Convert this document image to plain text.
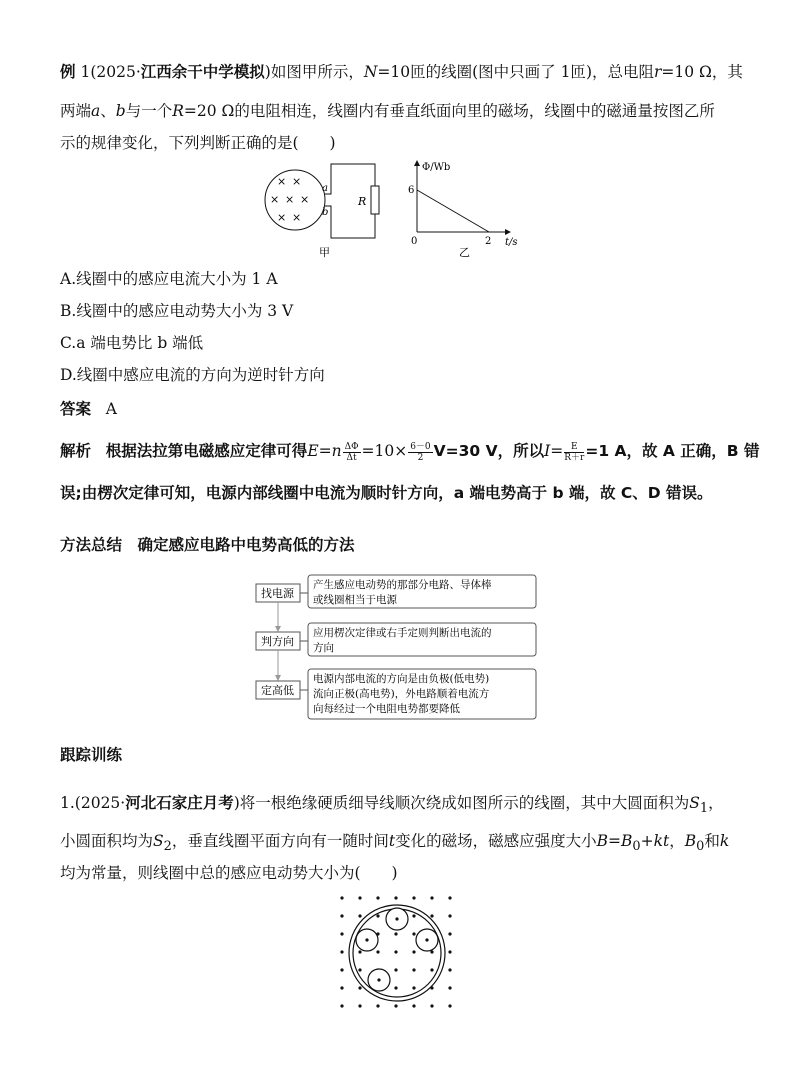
例 1(2025·江西余干中学模拟)如图甲所示，N=10匝的线圈(图中只画了 1匝)，总电阻r=10 Ω，其
两端a、b与一个R=20 Ω的电阻相连，线圈内有垂直纸面向里的磁场，线圈中的磁通量按图乙所
示的规律变化，下列判断正确的是(　　)
× ×
× × ×
× ×
R
a
b
甲
Φ/Wb
t/s
6
0	2
乙
A.线圈中的感应电流大小为 1 A
B.线圈中的感应电动势大小为 3 V
C.a 端电势比 b 端低
D.线圈中感应电流的方向为逆时针方向
答案 A
解析 根据法拉第电磁感应定律可得$E=n \frac{\Delta\Phi}{\Delta t} =10\times \frac{6-0}{2} V=30$ V，所以$I= \frac{E}{R+r} =1$ A，故 A 正确，B 错
误;由楞次定律可知，电源内部线圈中电流为顺时针方向，a 端电势高于 b 端，故 C、D 错误。
方法总结　确定感应电路中电势高低的方法
找电源
产生感应电动势的那部分电路、导体棒
或线圈相当于电源
判方向
应用楞次定律或右手定则判断出电流的
方向
定高低
电源内部电流的方向是由负极(低电势)
流向正极(高电势)，外电路顺着电流方
向每经过一个电阻电势都要降低
跟踪训练
1.(2025·河北石家庄月考)将一根绝缘硬质细导线顺次绕成如图所示的线圈，其中大圆面积为$S_1$，
小圆面积均为$S_2$，垂直线圈平面方向有一随时间t变化的磁场，磁感应强度大小$B=B_0+kt$，$B_0$和k
均为常量，则线圈中总的感应电动势大小为(　　)
